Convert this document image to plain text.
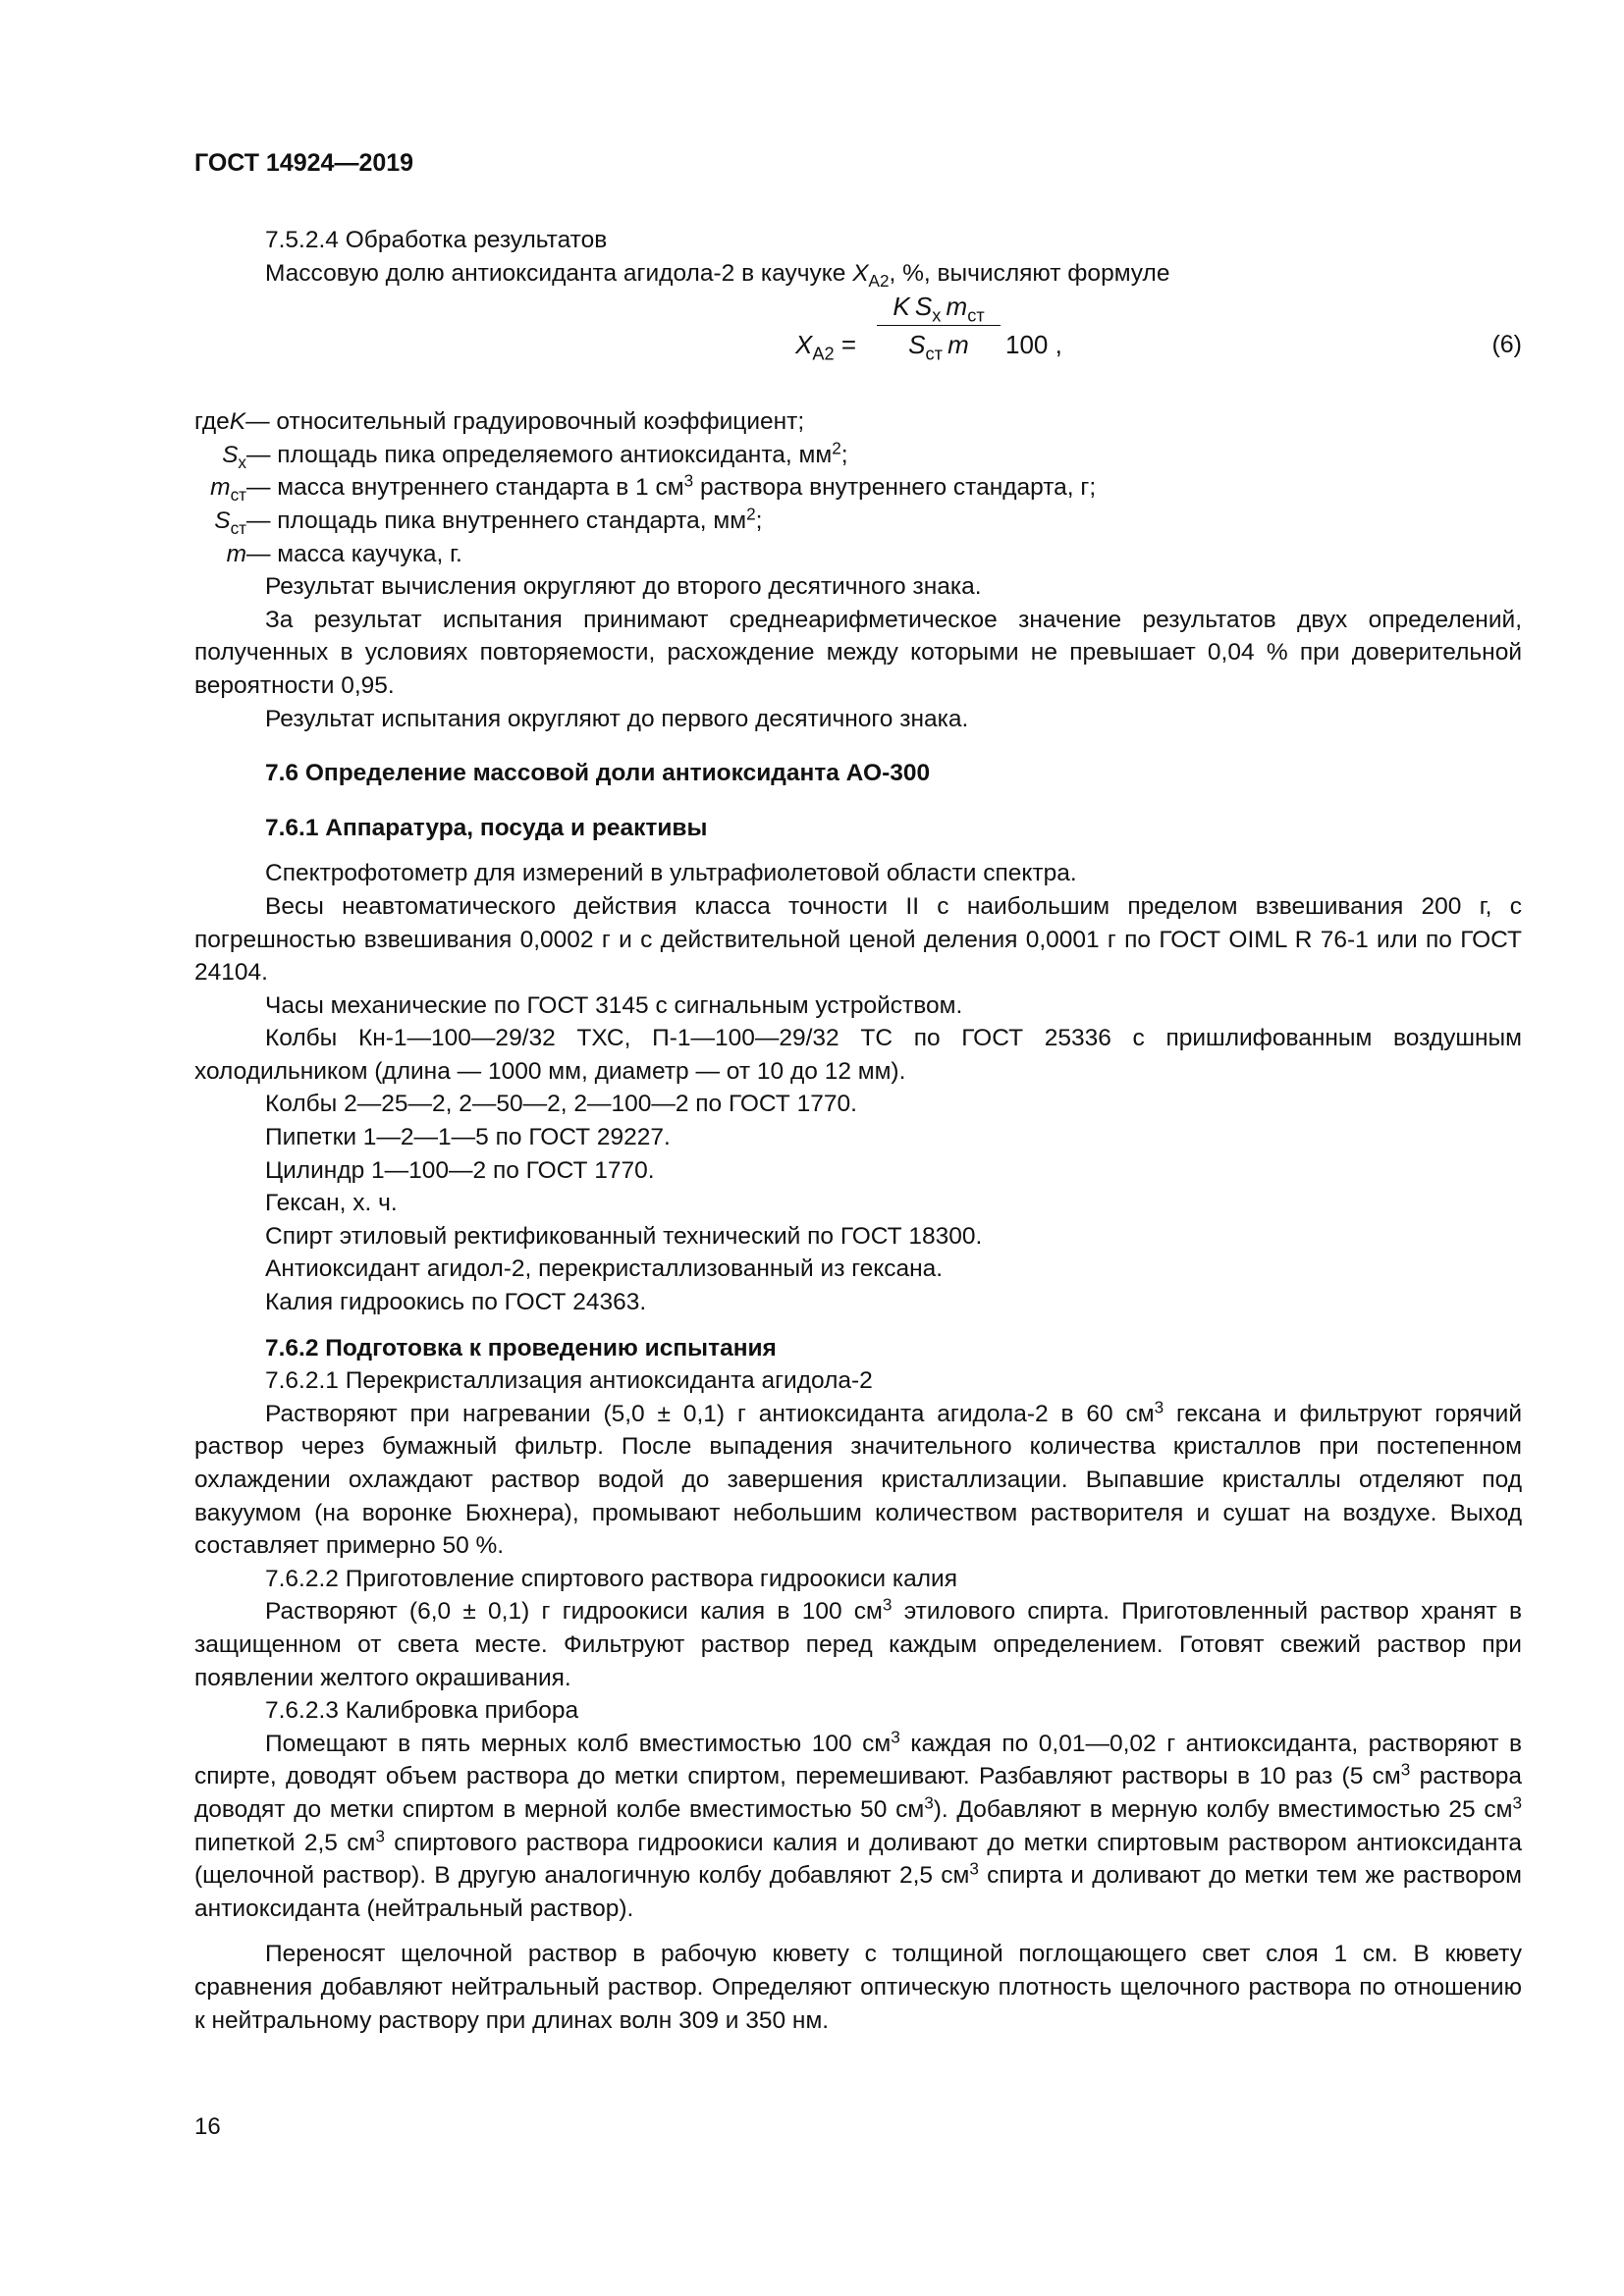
ГОСТ 14924—2019

7.5.2.4 Обработка результатов

Массовую долю антиоксиданта агидола-2 в каучуке $X_{А2}$, %, вычисляют формуле

$X_{А2}$ =
K  $S_x$  $m_{ст}$
$S_{ст}$  m	100 ,	(6)

где K — относительный градуировочный коэффициент;

$S_x$ — площадь пика определяемого антиоксиданта, $мм^2$;

$m_{ст}$ — масса внутреннего стандарта в 1 $см^3$ раствора внутреннего стандарта, г;

$S_{ст}$ — площадь пика внутреннего стандарта, $мм^2$;

m — масса каучука, г.

Результат вычисления округляют до второго десятичного знака.

За результат испытания принимают среднеарифметическое значение результатов двух определений, полученных в условиях повторяемости, расхождение между которыми не превышает 0,04 % при доверительной вероятности 0,95.

Результат испытания округляют до первого десятичного знака.

7.6 Определение массовой доли антиоксиданта АО-300

7.6.1 Аппаратура, посуда и реактивы

Спектрофотометр для измерений в ультрафиолетовой области спектра.

Весы неавтоматического действия класса точности II с наибольшим пределом взвешивания 200 г, с погрешностью взвешивания 0,0002 г и с действительной ценой деления 0,0001 г по ГОСТ OIML R 76-1 или по ГОСТ 24104.

Часы механические по ГОСТ 3145 с сигнальным устройством.

Колбы Кн-1—100—29/32 ТХС, П-1—100—29/32 ТС по ГОСТ 25336 с пришлифованным воздушным холодильником (длина — 1000 мм, диаметр — от 10 до 12 мм).

Колбы 2—25—2, 2—50—2, 2—100—2 по ГОСТ 1770.

Пипетки 1—2—1—5 по ГОСТ 29227.

Цилиндр 1—100—2 по ГОСТ 1770.

Гексан, х. ч.

Спирт этиловый ректификованный технический по ГОСТ 18300.

Антиоксидант агидол-2, перекристаллизованный из гексана.

Калия гидроокись по ГОСТ 24363.

7.6.2 Подготовка к проведению испытания

7.6.2.1 Перекристаллизация антиоксиданта агидола-2

Растворяют при нагревании (5,0 ± 0,1) г антиоксиданта агидола-2 в 60 $см^3$ гексана и фильтруют горячий раствор через бумажный фильтр. После выпадения значительного количества кристаллов при постепенном охлаждении охлаждают раствор водой до завершения кристаллизации. Выпавшие кристаллы отделяют под вакуумом (на воронке Бюхнера), промывают небольшим количеством растворителя и сушат на воздухе. Выход составляет примерно 50 %.

7.6.2.2 Приготовление спиртового раствора гидроокиси калия

Растворяют (6,0 ± 0,1) г гидроокиси калия в 100 $см^3$ этилового спирта. Приготовленный раствор хранят в защищенном от света месте. Фильтруют раствор перед каждым определением. Готовят свежий раствор при появлении желтого окрашивания.

7.6.2.3 Калибровка прибора

Помещают в пять мерных колб вместимостью 100 $см^3$ каждая по 0,01—0,02 г антиоксиданта, растворяют в спирте, доводят объем раствора до метки спиртом, перемешивают. Разбавляют растворы в 10 раз (5 $см^3$ раствора доводят до метки спиртом в мерной колбе вместимостью 50 $см^3$). Добавляют в мерную колбу вместимостью 25 $см^3$ пипеткой 2,5 $см^3$ спиртового раствора гидроокиси калия и доливают до метки спиртовым раствором антиоксиданта (щелочной раствор). В другую аналогичную колбу добавляют 2,5 $см^3$ спирта и доливают до метки тем же раствором антиоксиданта (нейтральный раствор).

Переносят щелочной раствор в рабочую кювету с толщиной поглощающего свет слоя 1 см. В кювету сравнения добавляют нейтральный раствор. Определяют оптическую плотность щелочного раствора по отношению к нейтральному раствору при длинах волн 309 и 350 нм.

16
